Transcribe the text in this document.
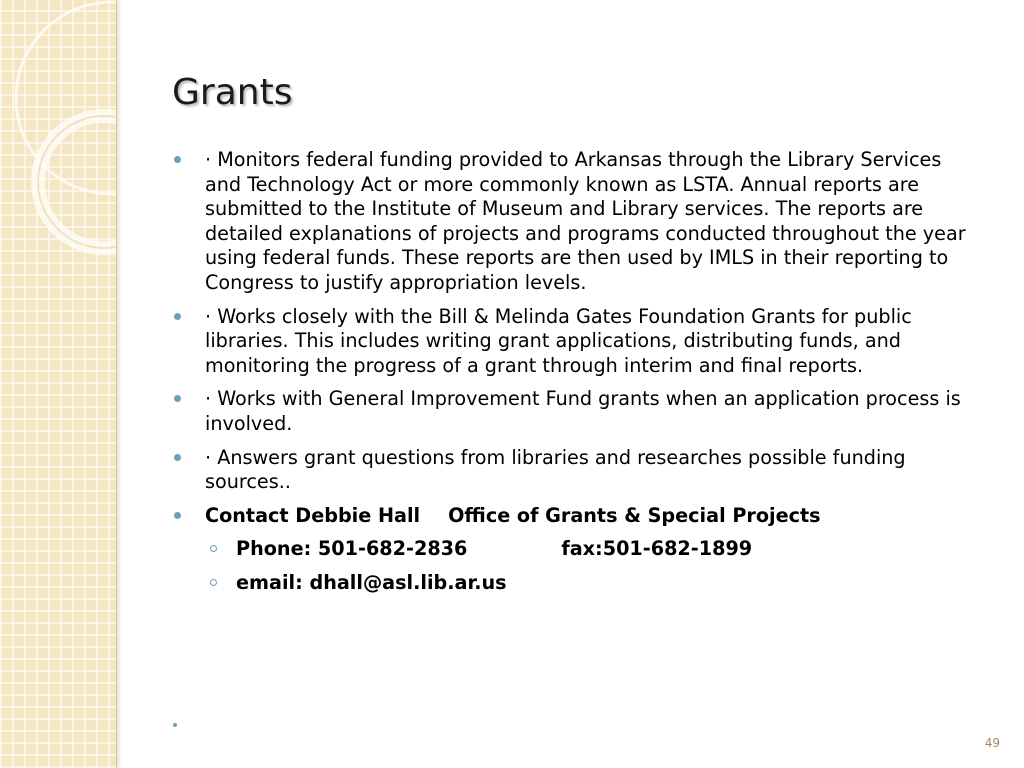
Grants
· Monitors federal funding provided to Arkansas through the Library Services and Technology Act or more commonly known as LSTA. Annual reports are submitted to the Institute of Museum and Library services. The reports are detailed explanations of projects and programs conducted throughout the year using federal funds. These reports are then used by IMLS in their reporting to Congress to justify appropriation levels.
· Works closely with the Bill & Melinda Gates Foundation Grants for public libraries. This includes writing grant applications, distributing funds, and monitoring the progress of a grant through interim and final reports.
· Works with General Improvement Fund grants when an application process is involved.
· Answers grant questions from libraries and researches possible funding sources..
Contact Debbie Hall Office of Grants & Special Projects
Phone: 501-682-2836	fax:501-682-1899
email: dhall@asl.lib.ar.us
49
